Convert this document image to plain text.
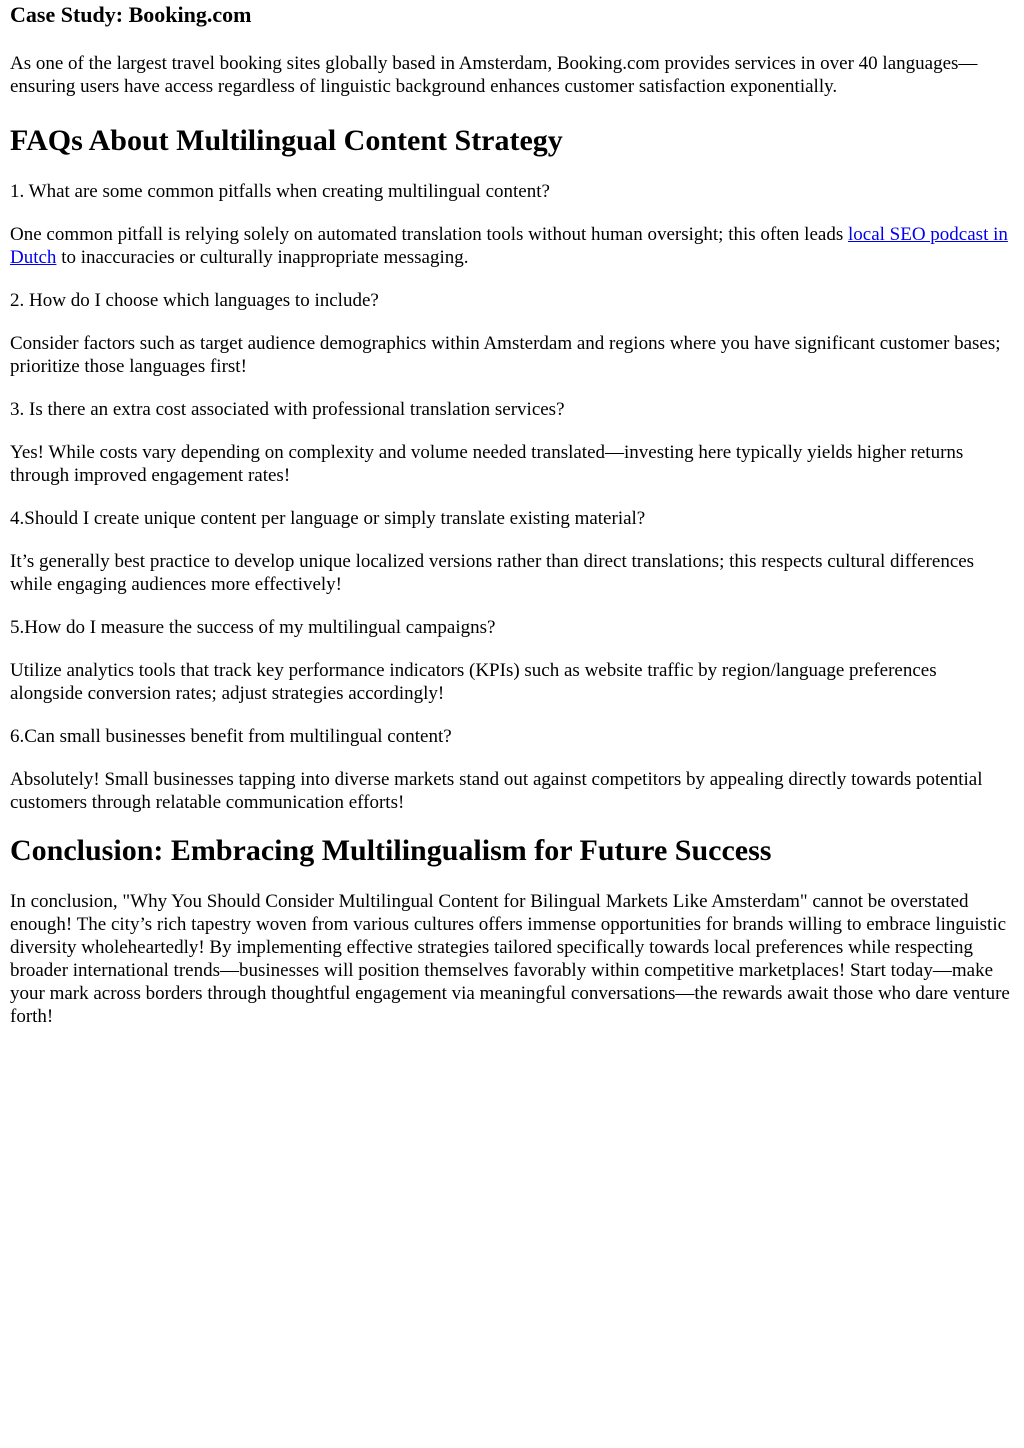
Case Study: Booking.com

As one of the largest travel booking sites globally based in Amsterdam, Booking.com provides services in over 40 languages—ensuring users have access regardless of linguistic background enhances customer satisfaction exponentially.

FAQs About Multilingual Content Strategy

1. What are some common pitfalls when creating multilingual content?

One common pitfall is relying solely on automated translation tools without human oversight; this often leads local SEO podcast in Dutch to inaccuracies or culturally inappropriate messaging.

2. How do I choose which languages to include?

Consider factors such as target audience demographics within Amsterdam and regions where you have significant customer bases; prioritize those languages first!

3. Is there an extra cost associated with professional translation services?

Yes! While costs vary depending on complexity and volume needed translated—investing here typically yields higher returns through improved engagement rates!

4.Should I create unique content per language or simply translate existing material?

It’s generally best practice to develop unique localized versions rather than direct translations; this respects cultural differences while engaging audiences more effectively!

5.How do I measure the success of my multilingual campaigns?

Utilize analytics tools that track key performance indicators (KPIs) such as website traffic by region/language preferences alongside conversion rates; adjust strategies accordingly!

6.Can small businesses benefit from multilingual content?

Absolutely! Small businesses tapping into diverse markets stand out against competitors by appealing directly towards potential customers through relatable communication efforts!

Conclusion: Embracing Multilingualism for Future Success

In conclusion, "Why You Should Consider Multilingual Content for Bilingual Markets Like Amsterdam" cannot be overstated enough! The city’s rich tapestry woven from various cultures offers immense opportunities for brands willing to embrace linguistic diversity wholeheartedly! By implementing effective strategies tailored specifically towards local preferences while respecting broader international trends—businesses will position themselves favorably within competitive marketplaces! Start today—make your mark across borders through thoughtful engagement via meaningful conversations—the rewards await those who dare venture forth!
